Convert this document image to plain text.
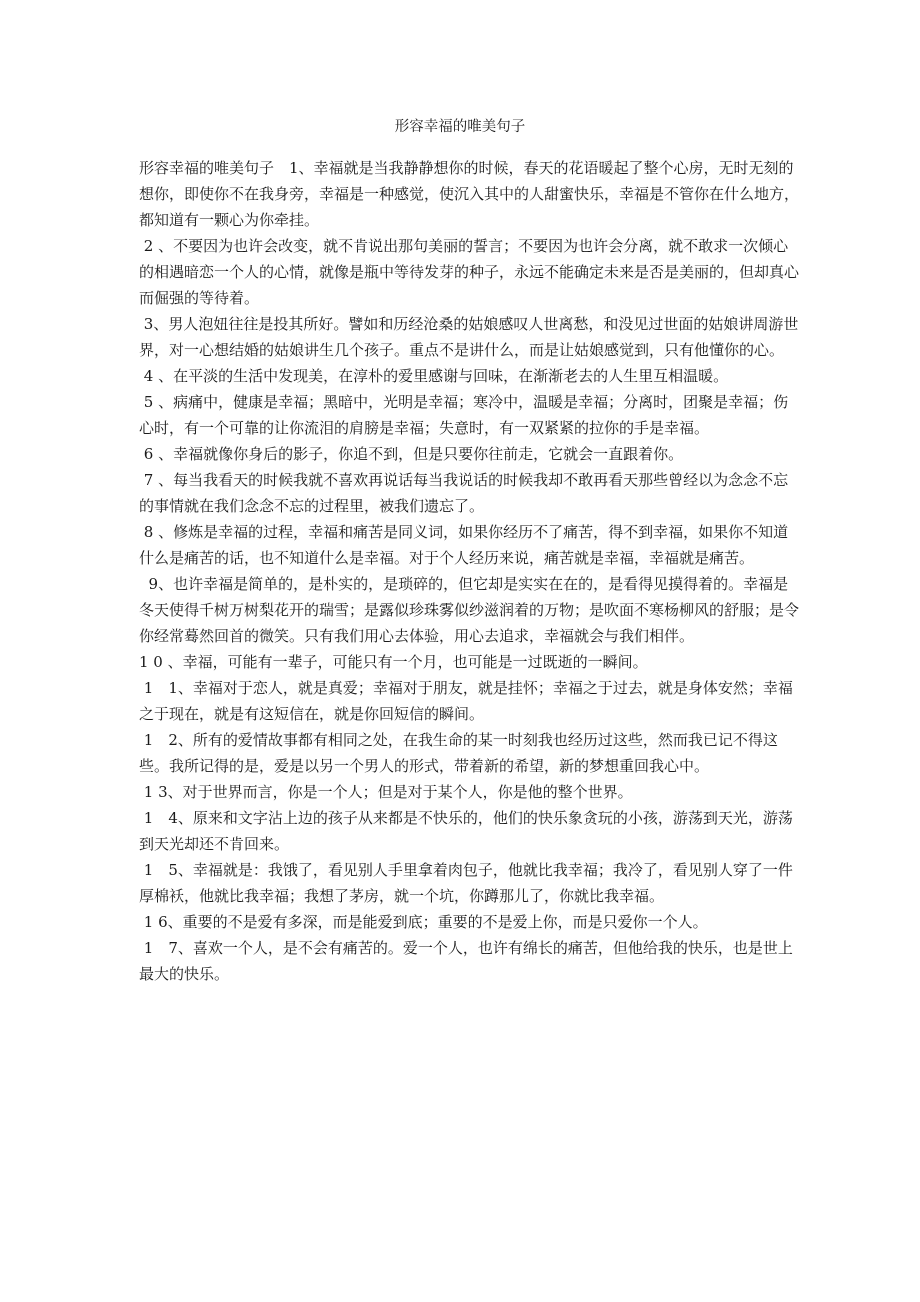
形容幸福的唯美句子

形容幸福的唯美句子　1、幸福就是当我静静想你的时候，春天的花语暖起了整个心房，无时无刻的想你，即使你不在我身旁，幸福是一种感觉，使沉入其中的人甜蜜快乐，幸福是不管你在什么地方，都知道有一颗心为你牵挂。

2 、不要因为也许会改变，就不肯说出那句美丽的誓言；不要因为也许会分离，就不敢求一次倾心的相遇暗恋一个人的心情，就像是瓶中等待发芽的种子，永远不能确定未来是否是美丽的，但却真心而倔强的等待着。

3、男人泡妞往往是投其所好。譬如和历经沧桑的姑娘感叹人世离愁，和没见过世面的姑娘讲周游世界，对一心想结婚的姑娘讲生几个孩子。重点不是讲什么，而是让姑娘感觉到，只有他懂你的心。

4 、在平淡的生活中发现美，在淳朴的爱里感谢与回味，在渐渐老去的人生里互相温暖。

5 、病痛中，健康是幸福；黑暗中，光明是幸福；寒冷中，温暖是幸福；分离时，团聚是幸福；伤心时，有一个可靠的让你流泪的肩膀是幸福；失意时，有一双紧紧的拉你的手是幸福。

6 、幸福就像你身后的影子，你追不到，但是只要你往前走，它就会一直跟着你。

7 、每当我看天的时候我就不喜欢再说话每当我说话的时候我却不敢再看天那些曾经以为念念不忘的事情就在我们念念不忘的过程里，被我们遗忘了。

8 、修炼是幸福的过程，幸福和痛苦是同义词，如果你经历不了痛苦，得不到幸福，如果你不知道什么是痛苦的话，也不知道什么是幸福。对于个人经历来说，痛苦就是幸福，幸福就是痛苦。

9、也许幸福是简单的，是朴实的，是琐碎的，但它却是实实在在的，是看得见摸得着的。幸福是冬天使得千树万树梨花开的瑞雪；是露似珍珠雾似纱滋润着的万物；是吹面不寒杨柳风的舒服；是令你经常蓦然回首的微笑。只有我们用心去体验，用心去追求，幸福就会与我们相伴。

1 0 、幸福，可能有一辈子，可能只有一个月，也可能是一过既逝的一瞬间。

1　1、幸福对于恋人，就是真爱；幸福对于朋友，就是挂怀；幸福之于过去，就是身体安然；幸福之于现在，就是有这短信在，就是你回短信的瞬间。

1　2、所有的爱情故事都有相同之处，在我生命的某一时刻我也经历过这些，然而我已记不得这些。我所记得的是，爱是以另一个男人的形式，带着新的希望，新的梦想重回我心中。

1 3、对于世界而言，你是一个人；但是对于某个人，你是他的整个世界。

1　4、原来和文字沾上边的孩子从来都是不快乐的，他们的快乐象贪玩的小孩，游荡到天光，游荡到天光却还不肯回来。

1　5、幸福就是：我饿了，看见别人手里拿着肉包子，他就比我幸福；我冷了，看见别人穿了一件厚棉袄，他就比我幸福；我想了茅房，就一个坑，你蹲那儿了，你就比我幸福。

1 6、重要的不是爱有多深，而是能爱到底；重要的不是爱上你，而是只爱你一个人。

1　7、喜欢一个人，是不会有痛苦的。爱一个人，也许有绵长的痛苦，但他给我的快乐，也是世上最大的快乐。
